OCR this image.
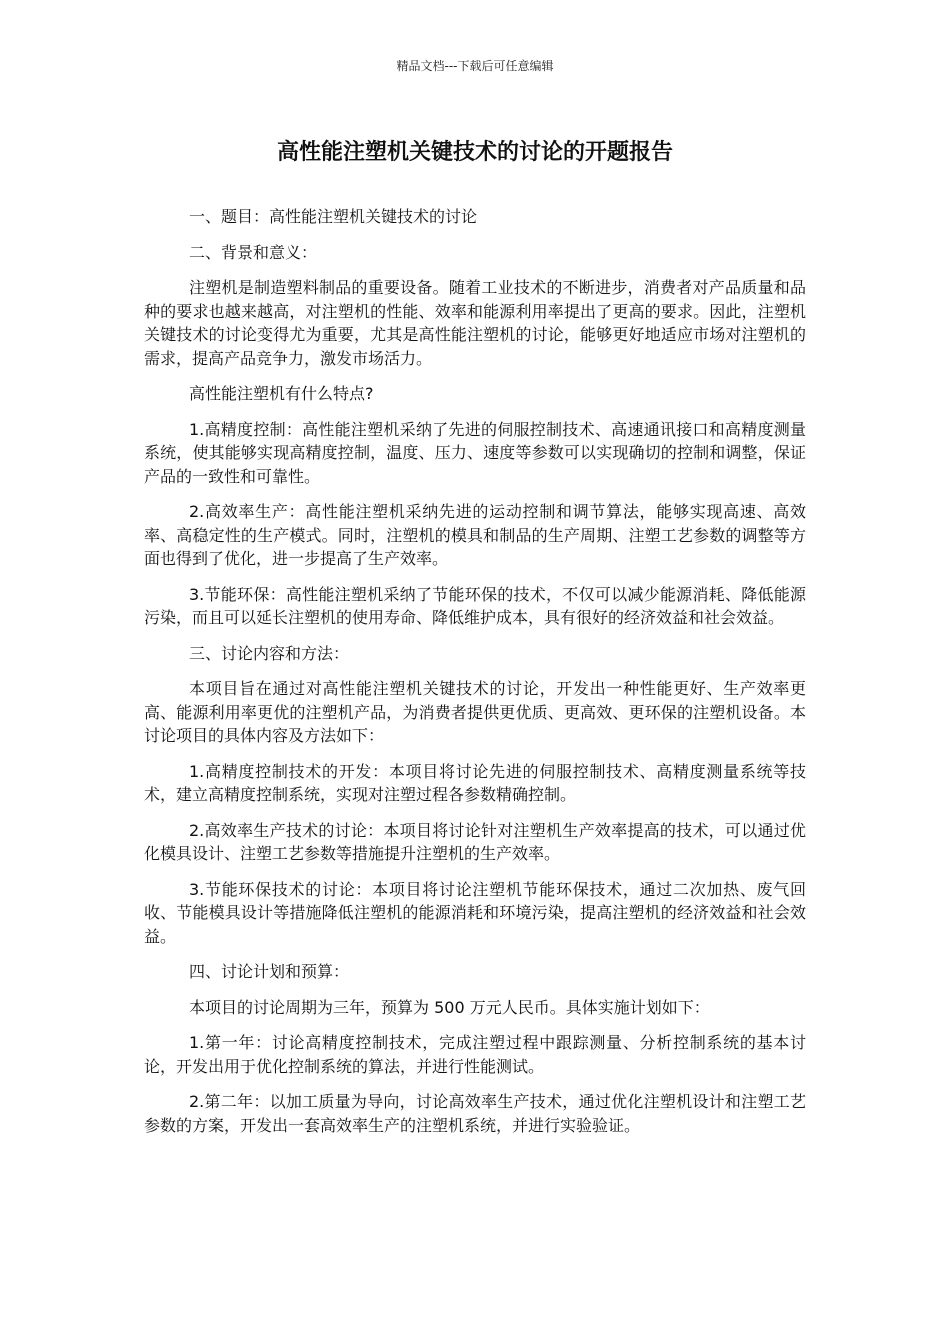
精品文档---下载后可任意编辑
高性能注塑机关键技术的讨论的开题报告

一、题目：高性能注塑机关键技术的讨论

二、背景和意义：

注塑机是制造塑料制品的重要设备。随着工业技术的不断进步，消费者对产品质量和品种的要求也越来越高，对注塑机的性能、效率和能源利用率提出了更高的要求。因此，注塑机关键技术的讨论变得尤为重要，尤其是高性能注塑机的讨论，能够更好地适应市场对注塑机的需求，提高产品竞争力，激发市场活力。

高性能注塑机有什么特点?

1.高精度控制：高性能注塑机采纳了先进的伺服控制技术、高速通讯接口和高精度测量系统，使其能够实现高精度控制，温度、压力、速度等参数可以实现确切的控制和调整，保证产品的一致性和可靠性。

2.高效率生产：高性能注塑机采纳先进的运动控制和调节算法，能够实现高速、高效率、高稳定性的生产模式。同时，注塑机的模具和制品的生产周期、注塑工艺参数的调整等方面也得到了优化，进一步提高了生产效率。

3.节能环保：高性能注塑机采纳了节能环保的技术，不仅可以减少能源消耗、降低能源污染，而且可以延长注塑机的使用寿命、降低维护成本，具有很好的经济效益和社会效益。

三、讨论内容和方法：

本项目旨在通过对高性能注塑机关键技术的讨论，开发出一种性能更好、生产效率更高、能源利用率更优的注塑机产品，为消费者提供更优质、更高效、更环保的注塑机设备。本讨论项目的具体内容及方法如下：

1.高精度控制技术的开发：本项目将讨论先进的伺服控制技术、高精度测量系统等技术，建立高精度控制系统，实现对注塑过程各参数精确控制。

2.高效率生产技术的讨论：本项目将讨论针对注塑机生产效率提高的技术，可以通过优化模具设计、注塑工艺参数等措施提升注塑机的生产效率。

3.节能环保技术的讨论：本项目将讨论注塑机节能环保技术，通过二次加热、废气回收、节能模具设计等措施降低注塑机的能源消耗和环境污染，提高注塑机的经济效益和社会效益。

四、讨论计划和预算：

本项目的讨论周期为三年，预算为 500 万元人民币。具体实施计划如下：

1.第一年：讨论高精度控制技术，完成注塑过程中跟踪测量、分析控制系统的基本讨论，开发出用于优化控制系统的算法，并进行性能测试。

2.第二年：以加工质量为导向，讨论高效率生产技术，通过优化注塑机设计和注塑工艺参数的方案，开发出一套高效率生产的注塑机系统，并进行实验验证。
